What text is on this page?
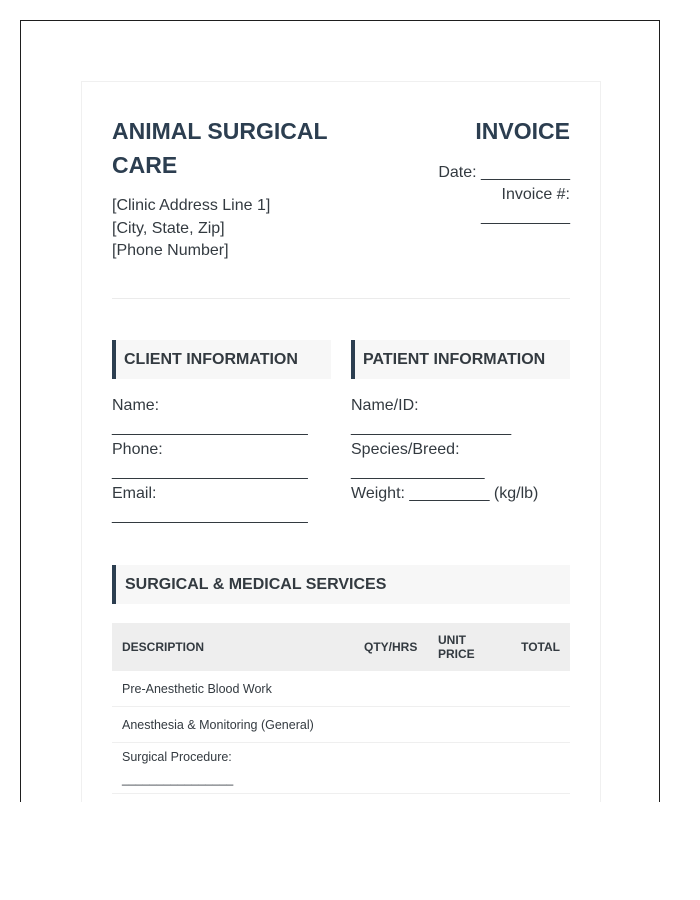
ANIMAL SURGICAL CARE
[Clinic Address Line 1]
[City, State, Zip]
[Phone Number]
INVOICE
Date: __________
Invoice #:
__________
CLIENT INFORMATION
Name:
______________________
Phone:
______________________
Email:
______________________
PATIENT INFORMATION
Name/ID:
__________________
Species/Breed:
_______________
Weight: _________ (kg/lb)
SURGICAL & MEDICAL SERVICES
DESCRIPTION	QTY/HRS	UNIT PRICE	TOTAL
Pre-Anesthetic Blood Work			
Anesthesia & Monitoring (General)			

Surgical Procedure:
________________			
